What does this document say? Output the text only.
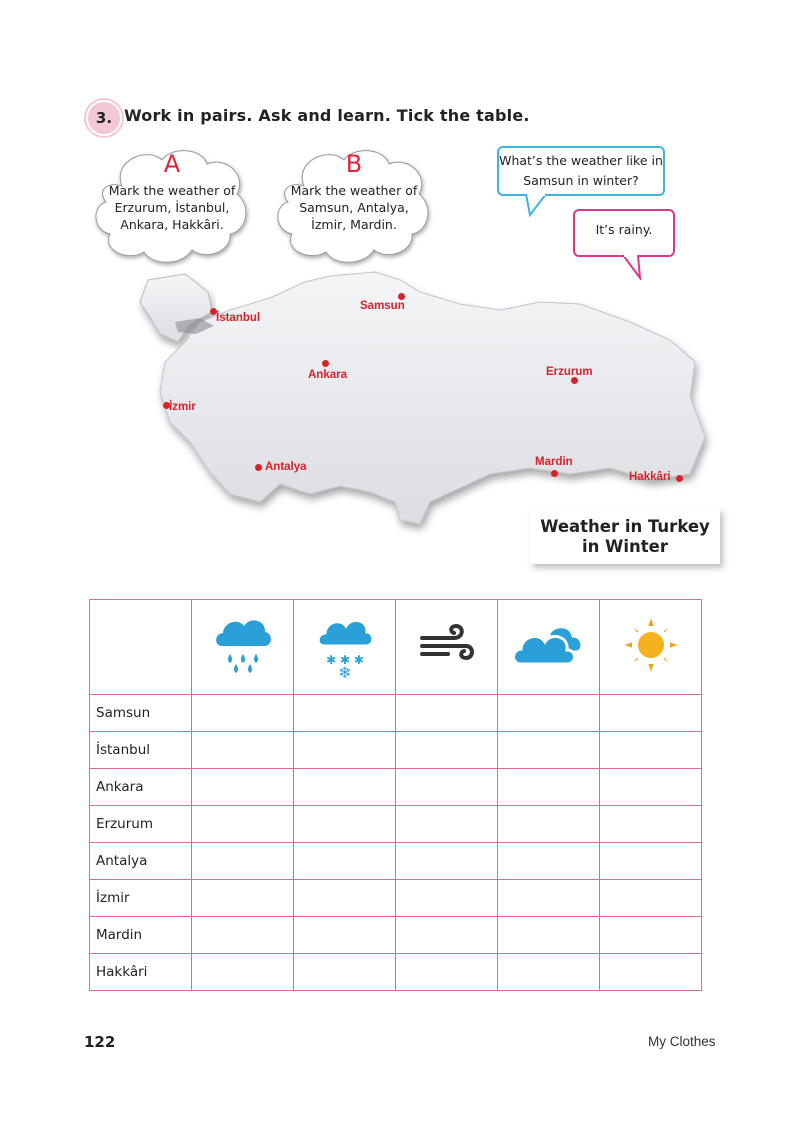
3. Work in pairs. Ask and learn. Tick the table.
A
Mark the weather of Erzurum, İstanbul, Ankara, Hakkâri.
B
Mark the weather of Samsun, Antalya, İzmir, Mardin.
What’s the weather like in Samsun in winter?
It’s rainy.
İstanbul
Samsun
Ankara	Erzurum
İzmir
Antalya	Mardin
Hakkâri
Weather in Turkey
in Winter

✱ ✱ ✱
❄

Samsun					
İstanbul					
Ankara					
Erzurum					
Antalya					
İzmir					
Mardin					
Hakkâri					
122	My Clothes
